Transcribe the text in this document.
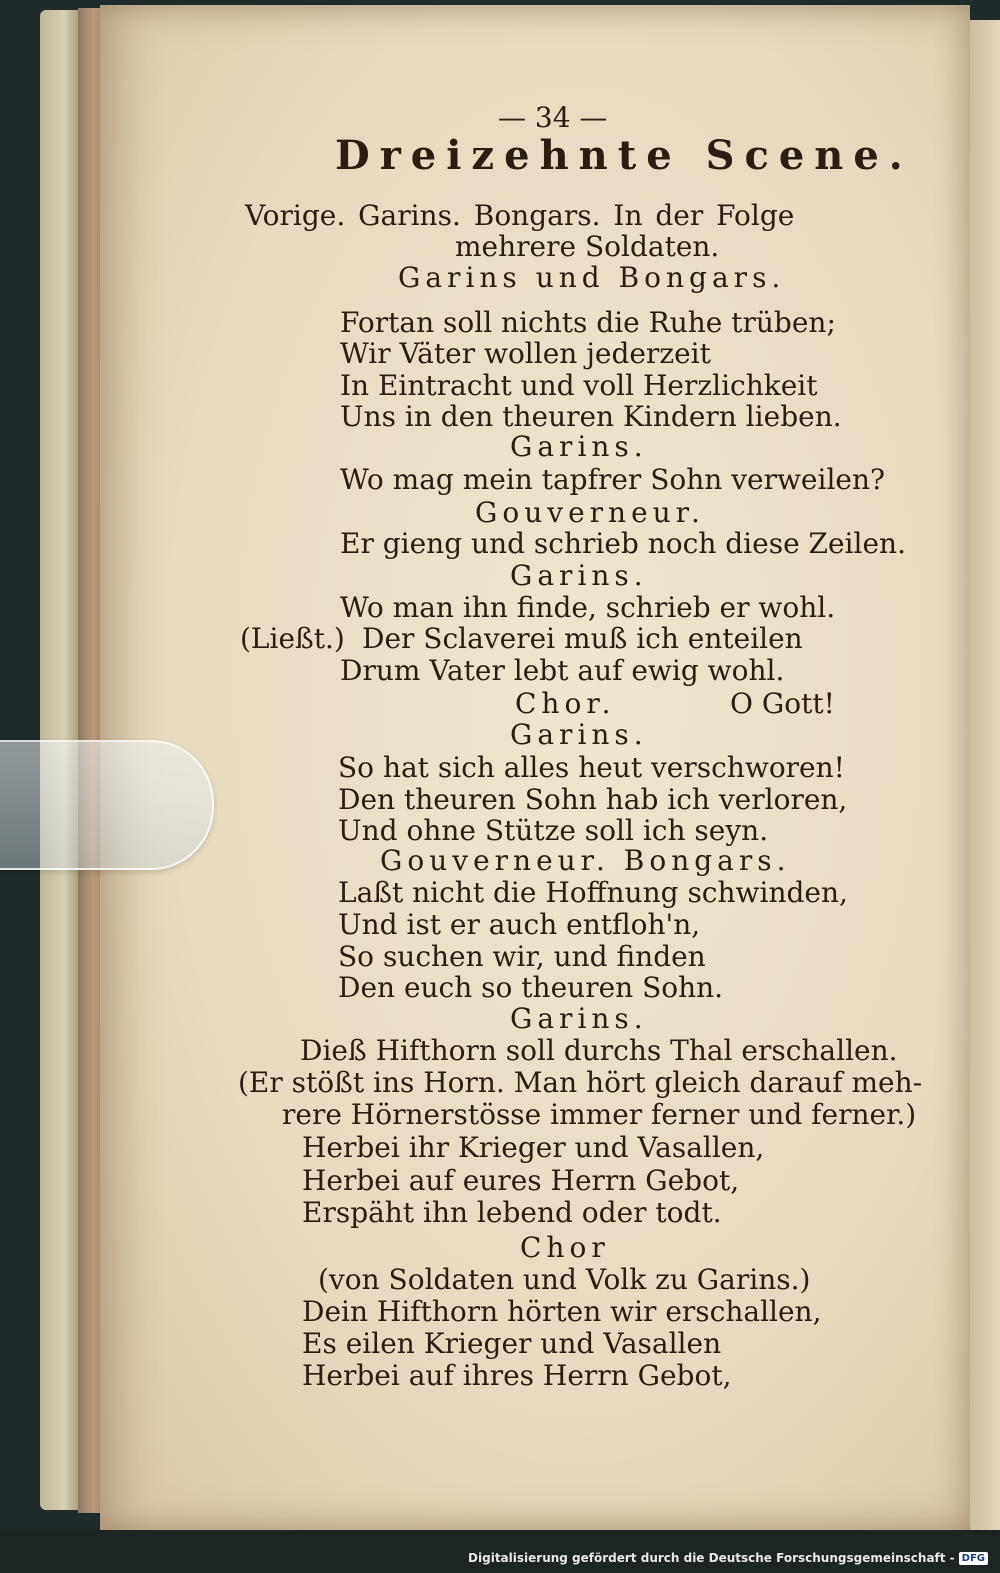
— 34 —
Dreizehnte Scene.
Vorige. Garins. Bongars. In der Folge
mehrere Soldaten.
Garins und Bongars.
Fortan soll nichts die Ruhe trüben;
Wir Väter wollen jederzeit
In Eintracht und voll Herzlichkeit
Uns in den theuren Kindern lieben.
Garins.
Wo mag mein tapfrer Sohn verweilen?
Gouverneur.
Er gieng und schrieb noch diese Zeilen.
Garins.
Wo man ihn finde, schrieb er wohl.
(Ließt.) Der Sclaverei muß ich enteilen
Drum Vater lebt auf ewig wohl.
Chor.	O Gott!
Garins.
So hat sich alles heut verschworen!
Den theuren Sohn hab ich verloren,
Und ohne Stütze soll ich seyn.
Gouverneur. Bongars.
Laßt nicht die Hoffnung schwinden,
Und ist er auch entfloh'n,
So suchen wir, und finden
Den euch so theuren Sohn.
Garins.
Dieß Hifthorn soll durchs Thal erschallen.
(Er stößt ins Horn. Man hört gleich darauf meh-
rere Hörnerstösse immer ferner und ferner.)
Herbei ihr Krieger und Vasallen,
Herbei auf eures Herrn Gebot,
Erspäht ihn lebend oder todt.
Chor
(von Soldaten und Volk zu Garins.)
Dein Hifthorn hörten wir erschallen,
Es eilen Krieger und Vasallen
Herbei auf ihres Herrn Gebot,
Digitalisierung gefördert durch die Deutsche Forschungsgemeinschaft - DFG
